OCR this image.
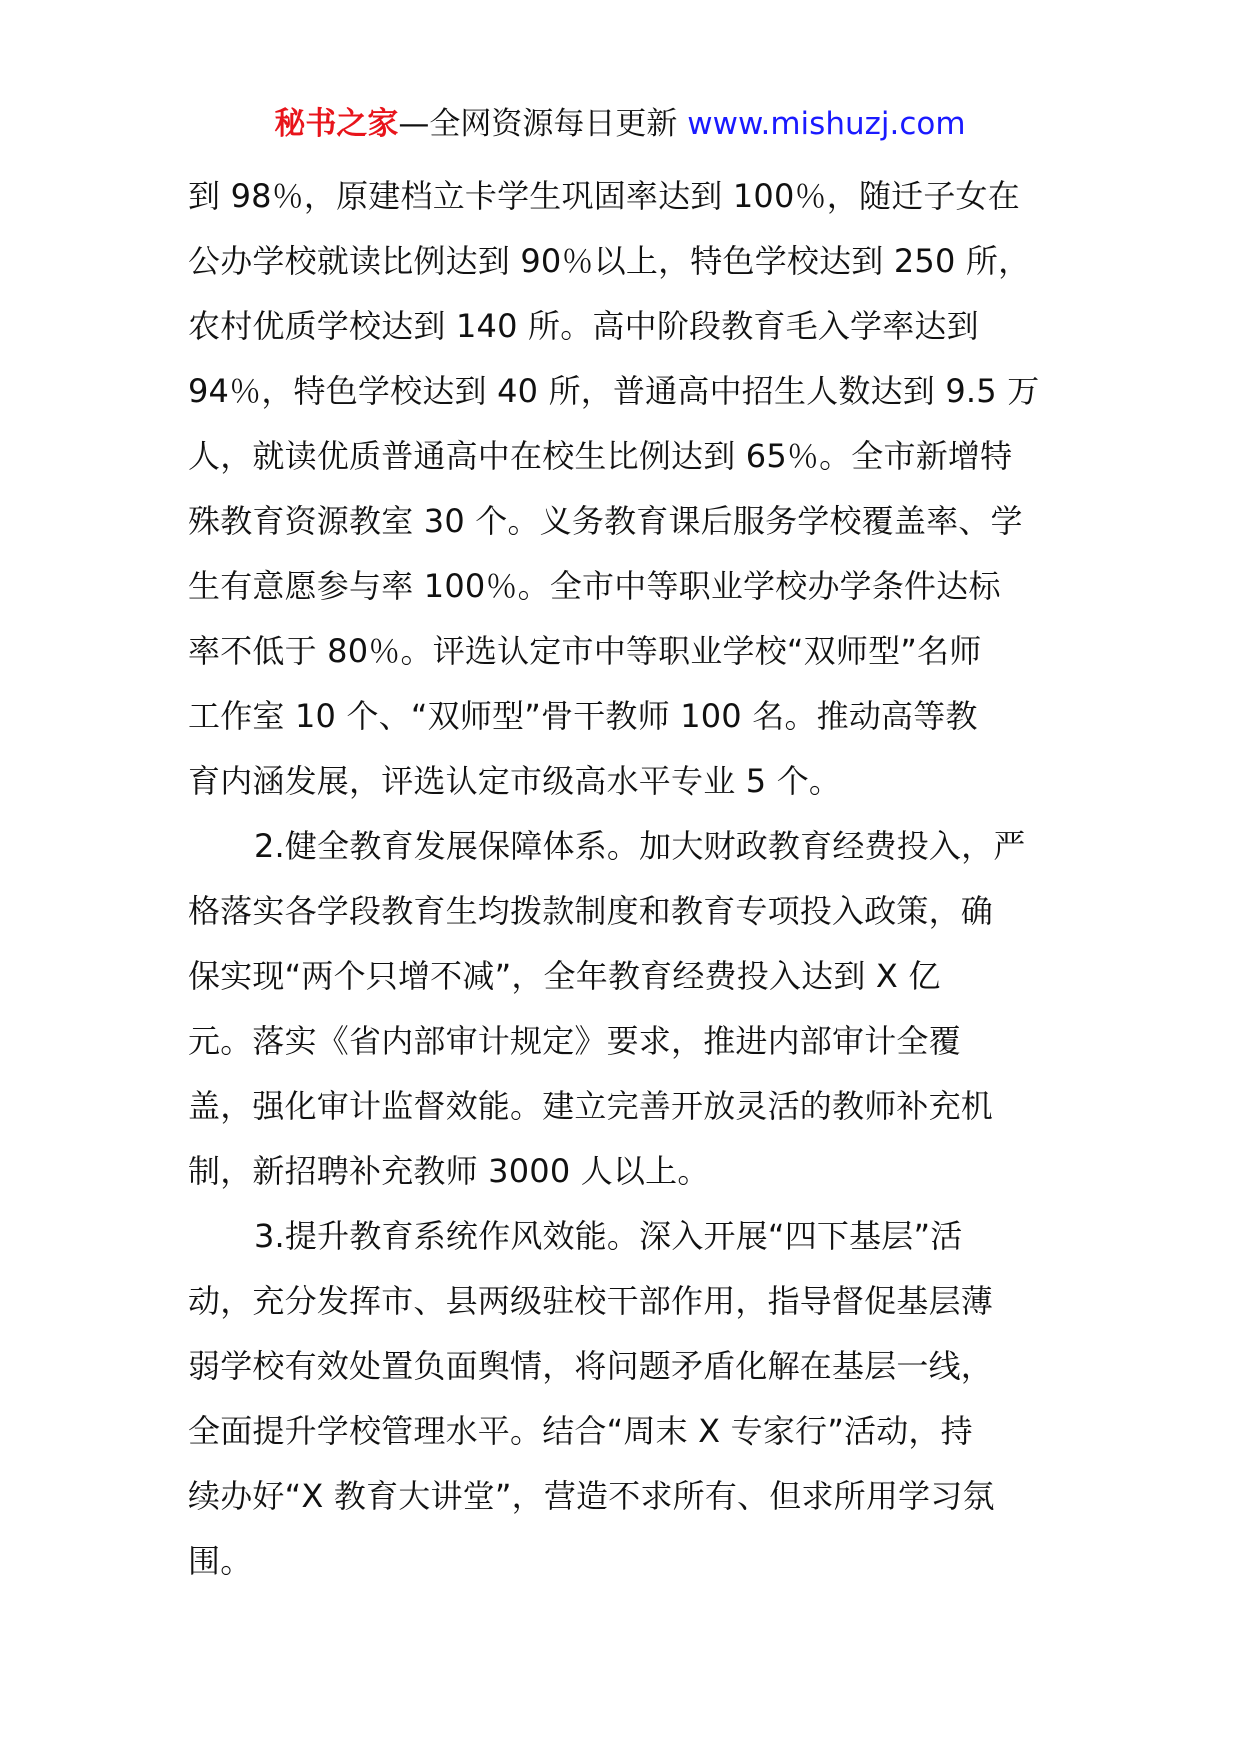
秘书之家—全网资源每日更新 www.mishuzj.com
到 98％，原建档立卡学生巩固率达到 100％，随迁子女在
公办学校就读比例达到 90％以上，特色学校达到 250 所，
农村优质学校达到 140 所。高中阶段教育毛入学率达到
94％，特色学校达到 40 所，普通高中招生人数达到 9.5 万
人，就读优质普通高中在校生比例达到 65％。全市新增特
殊教育资源教室 30 个。义务教育课后服务学校覆盖率、学
生有意愿参与率 100％。全市中等职业学校办学条件达标
率不低于 80％。评选认定市中等职业学校“双师型”名师
工作室 10 个、“双师型”骨干教师 100 名。推动高等教
育内涵发展，评选认定市级高水平专业 5 个。
2.健全教育发展保障体系。加大财政教育经费投入，严
格落实各学段教育生均拨款制度和教育专项投入政策，确
保实现“两个只增不减”，全年教育经费投入达到 X 亿
元。落实《省内部审计规定》要求，推进内部审计全覆
盖，强化审计监督效能。建立完善开放灵活的教师补充机
制，新招聘补充教师 3000 人以上。
3.提升教育系统作风效能。深入开展“四下基层”活
动，充分发挥市、县两级驻校干部作用，指导督促基层薄
弱学校有效处置负面舆情，将问题矛盾化解在基层一线，
全面提升学校管理水平。结合“周末 X 专家行”活动，持
续办好“X 教育大讲堂”，营造不求所有、但求所用学习氛
围。
